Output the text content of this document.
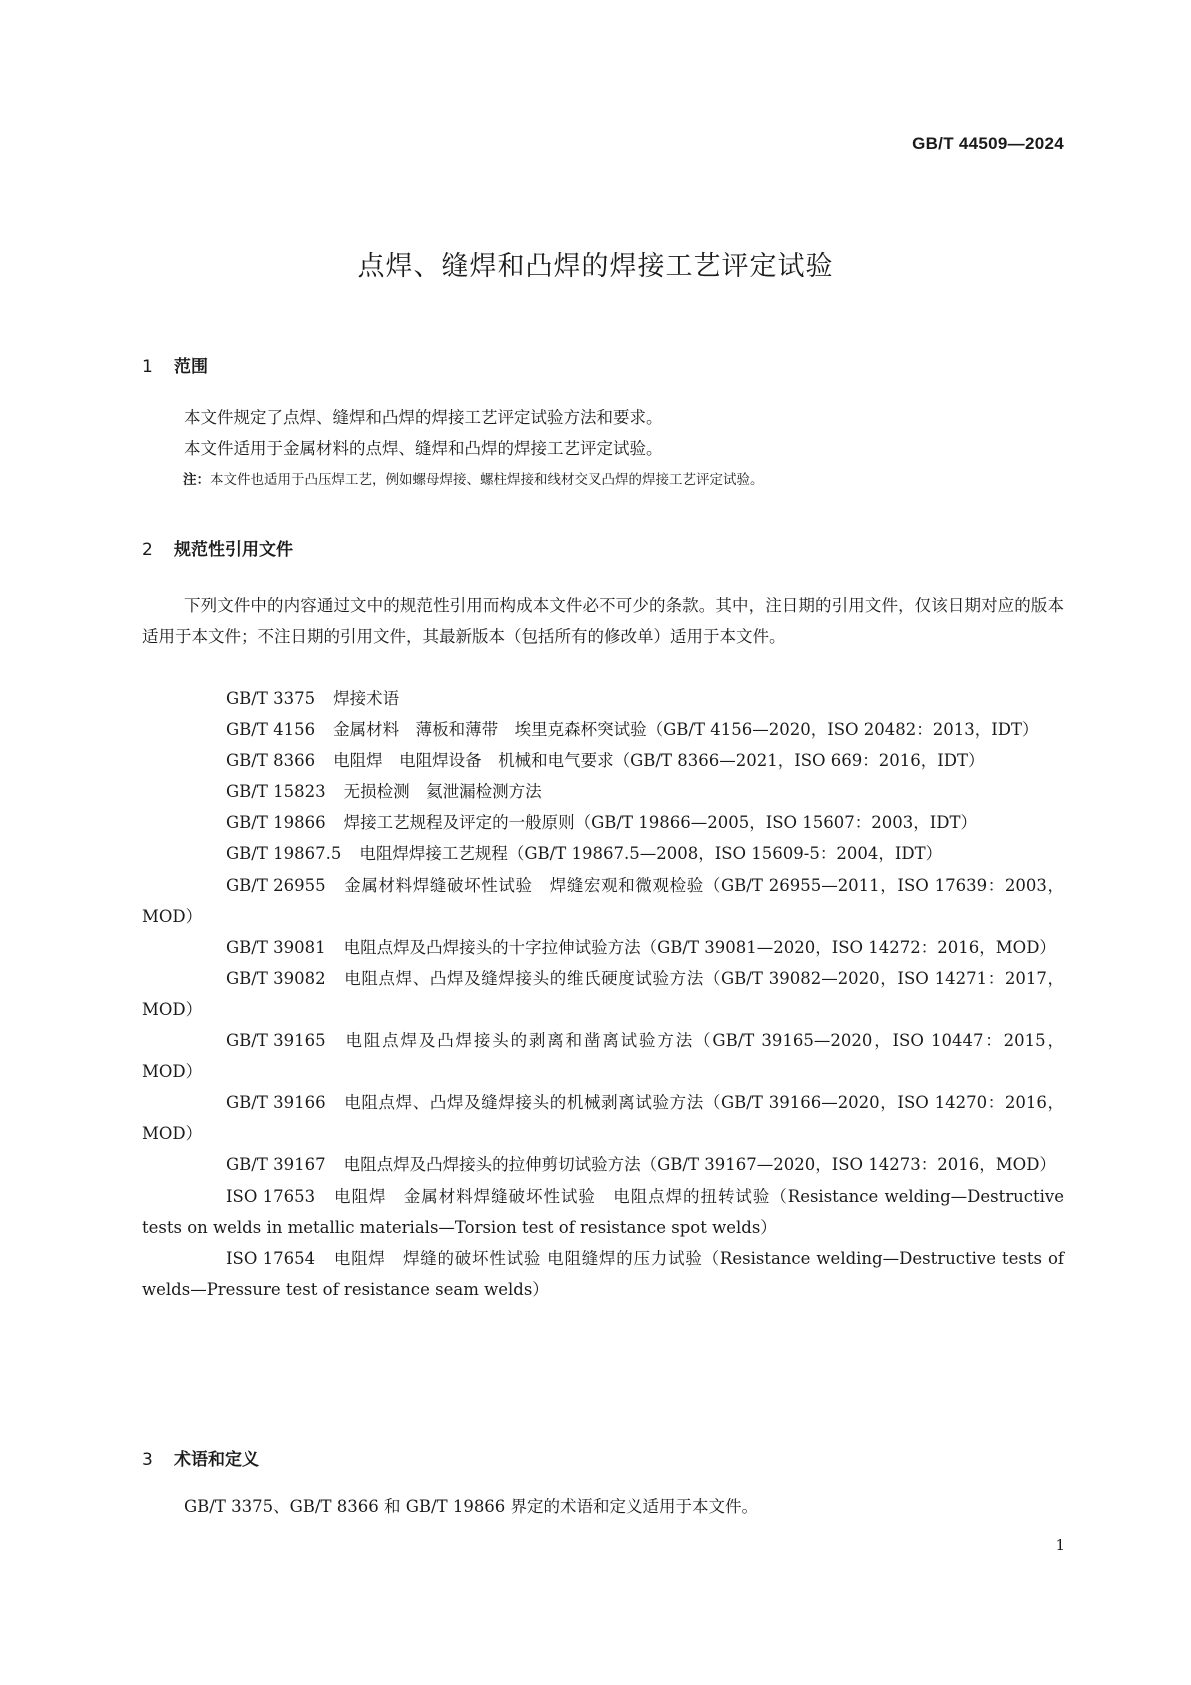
GB/T 44509—2024
点焊、缝焊和凸焊的焊接工艺评定试验
1 范围
本文件规定了点焊、缝焊和凸焊的焊接工艺评定试验方法和要求。
本文件适用于金属材料的点焊、缝焊和凸焊的焊接工艺评定试验。
注：本文件也适用于凸压焊工艺，例如螺母焊接、螺柱焊接和线材交叉凸焊的焊接工艺评定试验。
2 规范性引用文件
下列文件中的内容通过文中的规范性引用而构成本文件必不可少的条款。其中，注日期的引用文件，仅该日期对应的版本适用于本文件；不注日期的引用文件，其最新版本（包括所有的修改单）适用于本文件。
GB/T 3375 焊接术语
GB/T 4156 金属材料　薄板和薄带　埃里克森杯突试验（GB/T 4156—2020，ISO 20482：2013，IDT）
GB/T 8366 电阻焊　电阻焊设备　机械和电气要求（GB/T 8366—2021，ISO 669：2016，IDT）
GB/T 15823 无损检测　氦泄漏检测方法
GB/T 19866 焊接工艺规程及评定的一般原则（GB/T 19866—2005，ISO 15607：2003，IDT）
GB/T 19867.5 电阻焊焊接工艺规程（GB/T 19867.5—2008，ISO 15609-5：2004，IDT）
GB/T 26955 金属材料焊缝破坏性试验　焊缝宏观和微观检验（GB/T 26955—2011，ISO 17639：2003，MOD）
GB/T 39081 电阻点焊及凸焊接头的十字拉伸试验方法（GB/T 39081—2020，ISO 14272：2016，MOD）
GB/T 39082 电阻点焊、凸焊及缝焊接头的维氏硬度试验方法（GB/T 39082—2020，ISO 14271：2017，MOD）
GB/T 39165 电阻点焊及凸焊接头的剥离和凿离试验方法（GB/T 39165—2020，ISO 10447：2015，MOD）
GB/T 39166 电阻点焊、凸焊及缝焊接头的机械剥离试验方法（GB/T 39166—2020，ISO 14270：2016，MOD）
GB/T 39167 电阻点焊及凸焊接头的拉伸剪切试验方法（GB/T 39167—2020，ISO 14273：2016，MOD）
ISO 17653 电阻焊　金属材料焊缝破坏性试验　电阻点焊的扭转试验（Resistance welding—Destructive tests on welds in metallic materials—Torsion test of resistance spot welds）
ISO 17654 电阻焊　焊缝的破坏性试验 电阻缝焊的压力试验（Resistance welding—Destructive tests of welds—Pressure test of resistance seam welds）
3 术语和定义
GB/T 3375、GB/T 8366 和 GB/T 19866 界定的术语和定义适用于本文件。
1
